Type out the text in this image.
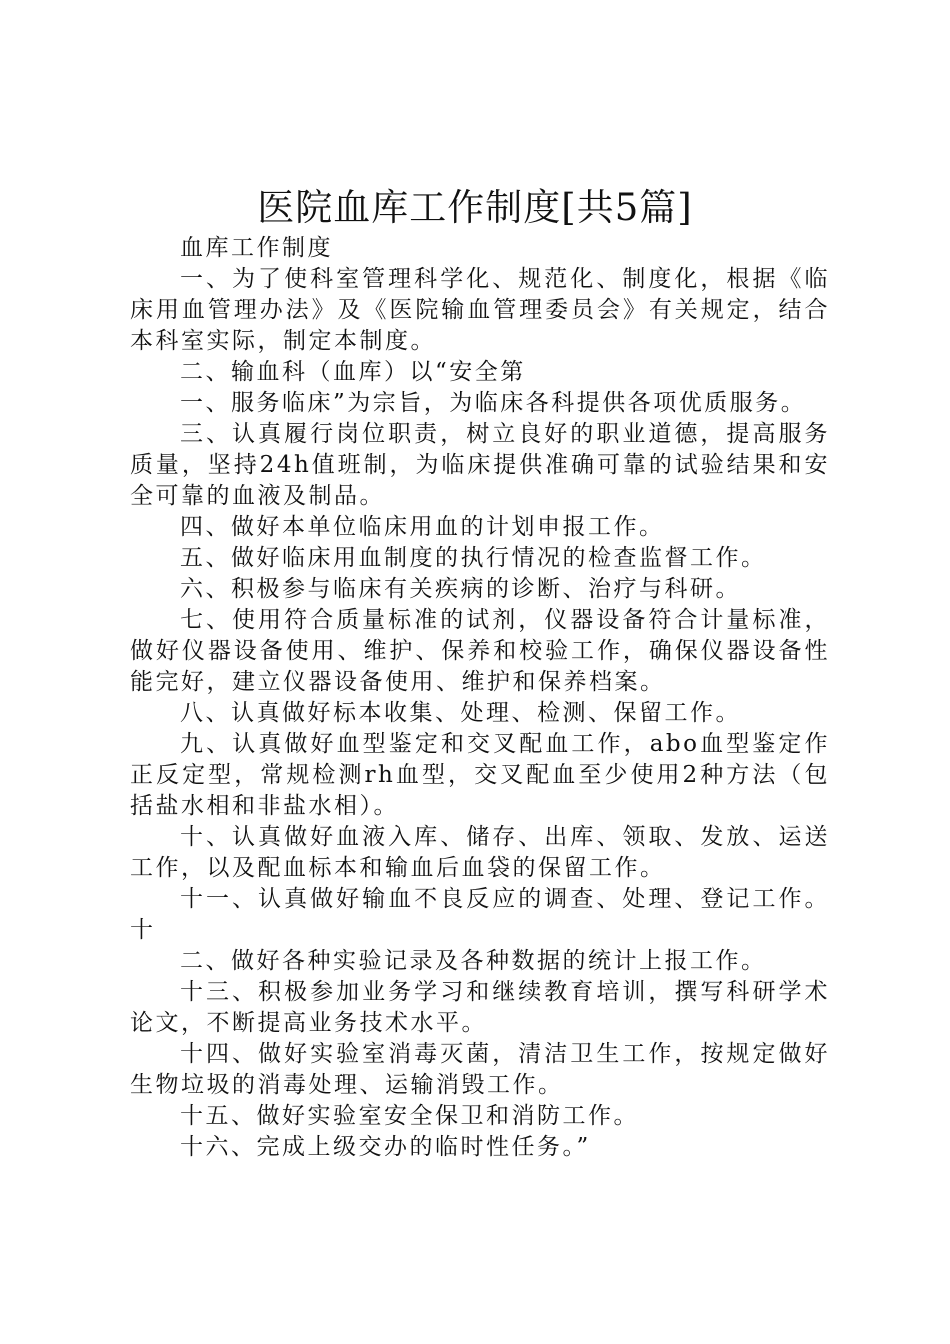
医院血库工作制度[共5篇]

血库工作制度

一、为了使科室管理科学化、规范化、制度化，根据《临床用血管理办法》及《医院输血管理委员会》有关规定，结合本科室实际，制定本制度。

二、输血科（血库）以“安全第

一、服务临床”为宗旨，为临床各科提供各项优质服务。

三、认真履行岗位职责，树立良好的职业道德，提高服务质量，坚持24h值班制，为临床提供准确可靠的试验结果和安全可靠的血液及制品。

四、做好本单位临床用血的计划申报工作。

五、做好临床用血制度的执行情况的检查监督工作。

六、积极参与临床有关疾病的诊断、治疗与科研。

七、使用符合质量标准的试剂，仪器设备符合计量标准，做好仪器设备使用、维护、保养和校验工作，确保仪器设备性能完好，建立仪器设备使用、维护和保养档案。

八、认真做好标本收集、处理、检测、保留工作。

九、认真做好血型鉴定和交叉配血工作，abo血型鉴定作正反定型，常规检测rh血型，交叉配血至少使用2种方法（包括盐水相和非盐水相）。

十、认真做好血液入库、储存、出库、领取、发放、运送工作，以及配血标本和输血后血袋的保留工作。

十一、认真做好输血不良反应的调查、处理、登记工作。十

二、做好各种实验记录及各种数据的统计上报工作。

十三、积极参加业务学习和继续教育培训，撰写科研学术论文，不断提高业务技术水平。

十四、做好实验室消毒灭菌，清洁卫生工作，按规定做好生物垃圾的消毒处理、运输消毁工作。

十五、做好实验室安全保卫和消防工作。

十六、完成上级交办的临时性任务。”
